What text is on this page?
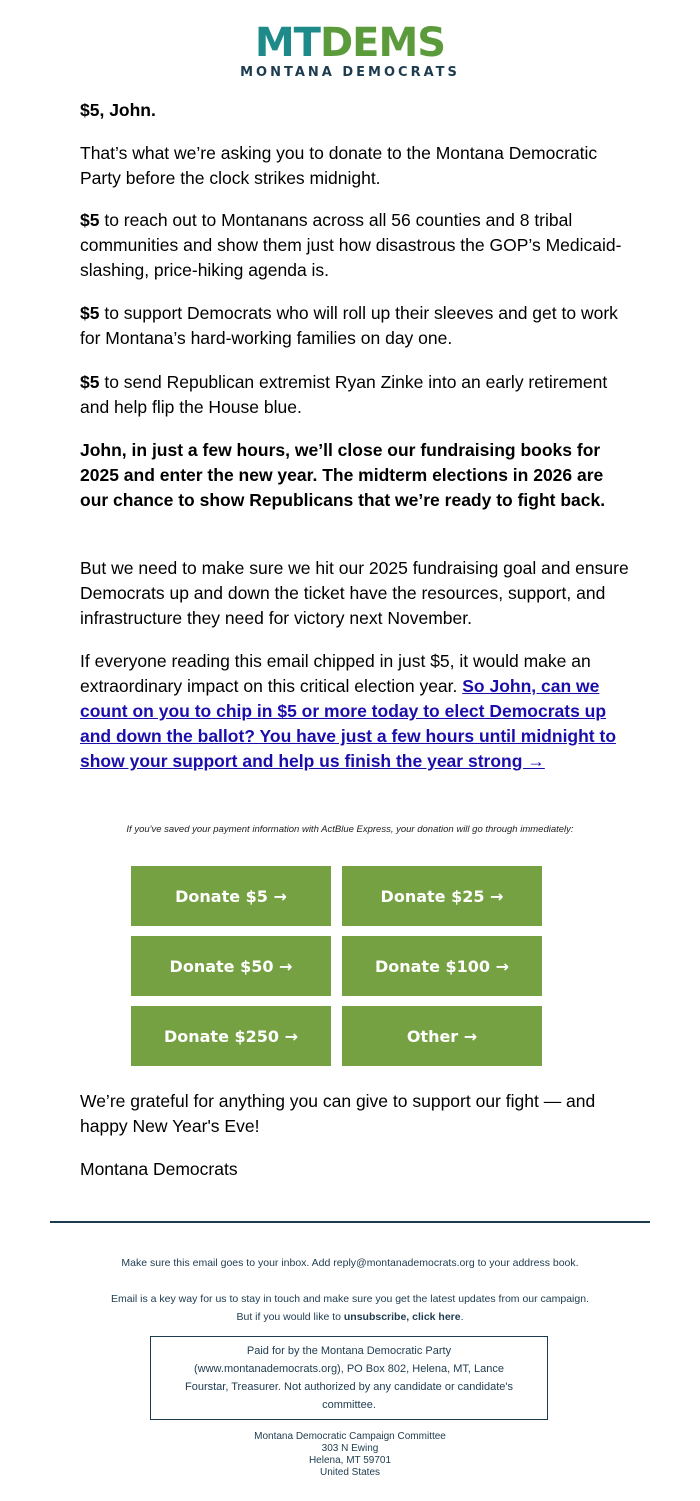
MTDEMS
MONTANA DEMOCRATS

$5, John.

That’s what we’re asking you to donate to the Montana Democratic Party before the clock strikes midnight.

$5 to reach out to Montanans across all 56 counties and 8 tribal communities and show them just how disastrous the GOP’s Medicaid-slashing, price-hiking agenda is.

$5 to support Democrats who will roll up their sleeves and get to work for Montana’s hard-working families on day one.

$5 to send Republican extremist Ryan Zinke into an early retirement and help flip the House blue.

John, in just a few hours, we’ll close our fundraising books for 2025 and enter the new year. The midterm elections in 2026 are our chance to show Republicans that we’re ready to fight back.

But we need to make sure we hit our 2025 fundraising goal and ensure Democrats up and down the ticket have the resources, support, and infrastructure they need for victory next November.

If everyone reading this email chipped in just $5, it would make an extraordinary impact on this critical election year. So John, can we count on you to chip in $5 or more today to elect Democrats up and down the ballot? You have just a few hours until midnight to show your support and help us finish the year strong →

If you've saved your payment information with ActBlue Express, your donation will go through immediately:
Donate $5 →	Donate $25 →
Donate $50 →	Donate $100 →
Donate $250 →	Other →

We’re grateful for anything you can give to support our fight — and happy New Year's Eve!

Montana Democrats

Make sure this email goes to your inbox. Add reply@montanademocrats.org to your address book.
Email is a key way for us to stay in touch and make sure you get the latest updates from our campaign.
But if you would like to unsubscribe, click here.
Paid for by the Montana Democratic Party (www.montanademocrats.org), PO Box 802, Helena, MT, Lance Fourstar, Treasurer. Not authorized by any candidate or candidate's committee.
Montana Democratic Campaign Committee
303 N Ewing
Helena, MT 59701
United States
